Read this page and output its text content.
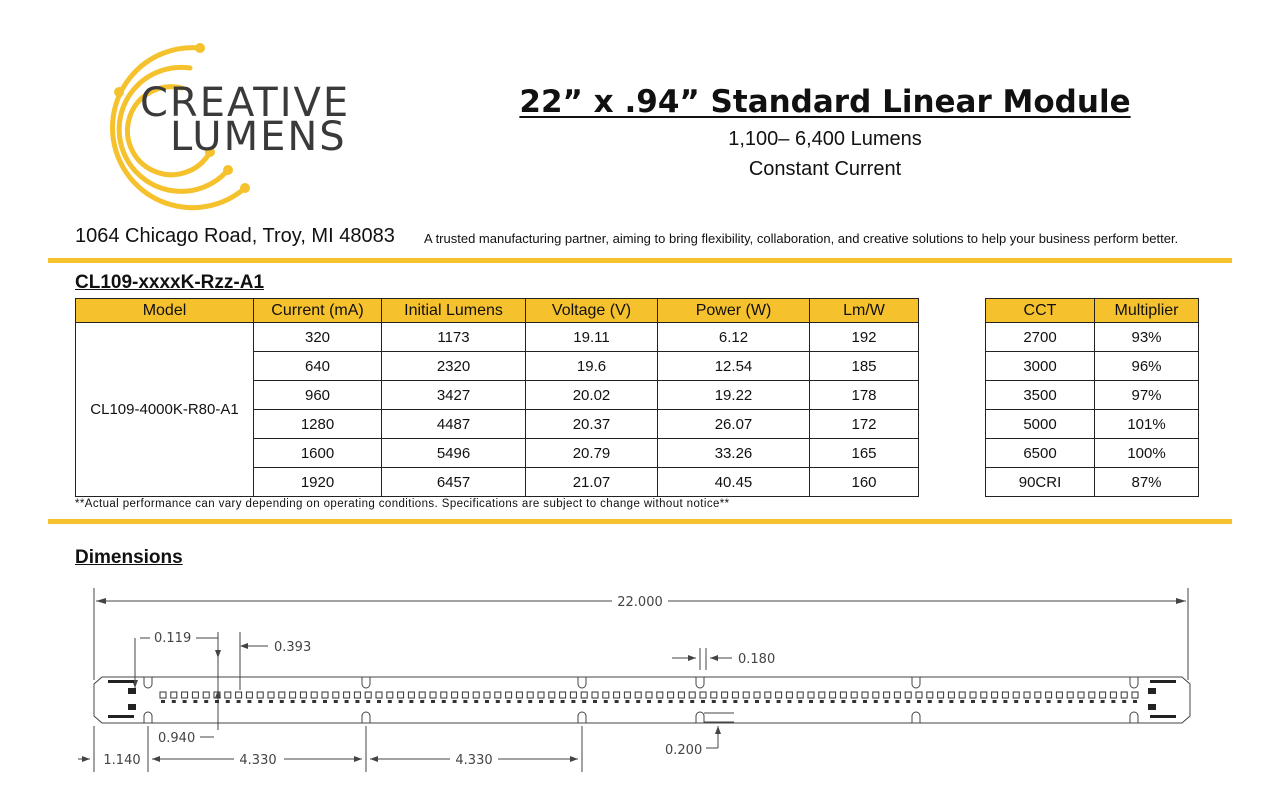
CREATIVE
LUMENS
22” x .94” Standard Linear Module
1,100– 6,400 Lumens
Constant Current
1064 Chicago Road, Troy, MI 48083 A trusted manufacturing partner, aiming to bring flexibility, collaboration, and creative solutions to help your business perform better.
CL109-xxxxK-Rzz-A1
Model	Current (mA)	Initial Lumens	Voltage (V)	Power (W)	Lm/W
CL109-4000K-R80-A1	320	1173	19.11	6.12	192
	640	2320	19.6	12.54	185
	960	3427	20.02	19.22	178
	1280	4487	20.37	26.07	172
	1600	5496	20.79	33.26	165
	1920	6457	21.07	40.45	160
CCT	Multiplier
2700	93%
3000	96%
3500	97%
5000	101%
6500	100%
90CRI	87%
**Actual performance can vary depending on operating conditions. Specifications are subject to change without notice**
Dimensions
22.000
0.119
0.393
0.180
0.940
0.200
1.140	4.330	4.330
